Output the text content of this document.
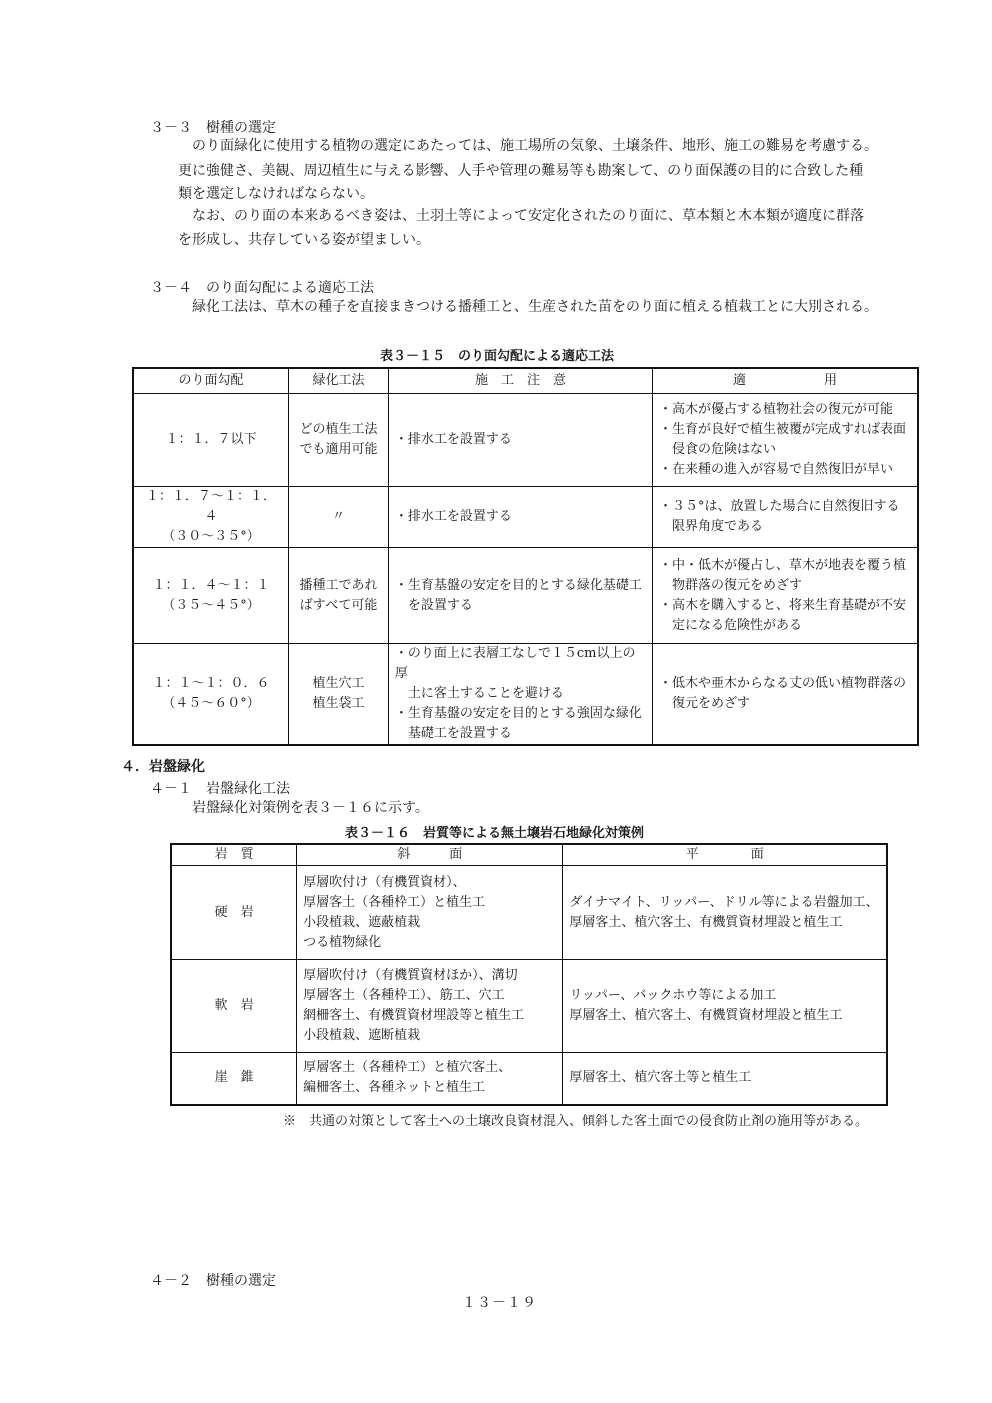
３－３　樹種の選定
のり面緑化に使用する植物の選定にあたっては、施工場所の気象、土壌条件、地形、施工の難易を考慮する。
更に強健さ、美観、周辺植生に与える影響、人手や管理の難易等も勘案して、のり面保護の目的に合致した種
類を選定しなければならない。
なお、のり面の本来あるべき姿は、土羽土等によって安定化されたのり面に、草本類と木本類が適度に群落
を形成し、共存している姿が望ましい。
３－４　のり面勾配による適応工法
緑化工法は、草木の種子を直接まきつける播種工と、生産された苗をのり面に植える植栽工とに大別される。
表３－１５　のり面勾配による適応工法
のり面勾配	緑化工法	施　工　注　意	適　　　　　　用

１：１．７以下	どの植生工法
でも適用可能	・排水工を設置する	・高木が優占する植物社会の復元が可能
・生育が良好で植生被覆が完成すれば表面
　侵食の危険はない
・在来種の進入が容易で自然復旧が早い

１：１．７～１：１．４
（３０～３５°）	〃	・排水工を設置する	・３５°は、放置した場合に自然復旧する
　限界角度である

１：１．４～１：１
（３５～４５°）	播種工であれ
ばすべて可能	・生育基盤の安定を目的とする緑化基礎工
　を設置する	・中・低木が優占し、草木が地表を覆う植
　物群落の復元をめざす
・高木を購入すると、将来生育基礎が不安
　定になる危険性がある

１：１～１：０．６
（４５～６０°）	植生穴工
植生袋工	・のり面上に表層工なしで１５cm以上の厚
　土に客土することを避ける
・生育基盤の安定を目的とする強固な緑化
　基礎工を設置する	・低木や亜木からなる丈の低い植物群落の
　復元をめざす
４．岩盤緑化
４－１　岩盤緑化工法
岩盤緑化対策例を表３－１６に示す。
表３－１６　岩質等による無土壌岩石地緑化対策例
岩　質	斜　　　面	平　　　　面
硬　岩	厚層吹付け（有機質資材）、
厚層客土（各種枠工）と植生工
小段植栽、遮蔽植栽
つる植物緑化	ダイナマイト、リッパー、ドリル等による岩盤加工、
厚層客土、植穴客土、有機質資材埋設と植生工

軟　岩	厚層吹付け（有機質資材ほか）、溝切
厚層客土（各種枠工）、筋工、穴工
網柵客土、有機質資材埋設等と植生工
小段植栽、遮断植栽	リッパー、バックホウ等による加工
厚層客土、植穴客土、有機質資材埋設と植生工

崖　錐	厚層客土（各種枠工）と植穴客土、
編柵客土、各種ネットと植生工	厚層客土、植穴客土等と植生工
※　共通の対策として客土への土壌改良資材混入、傾斜した客土面での侵食防止剤の施用等がある。
４－２　樹種の選定
１３－１９
